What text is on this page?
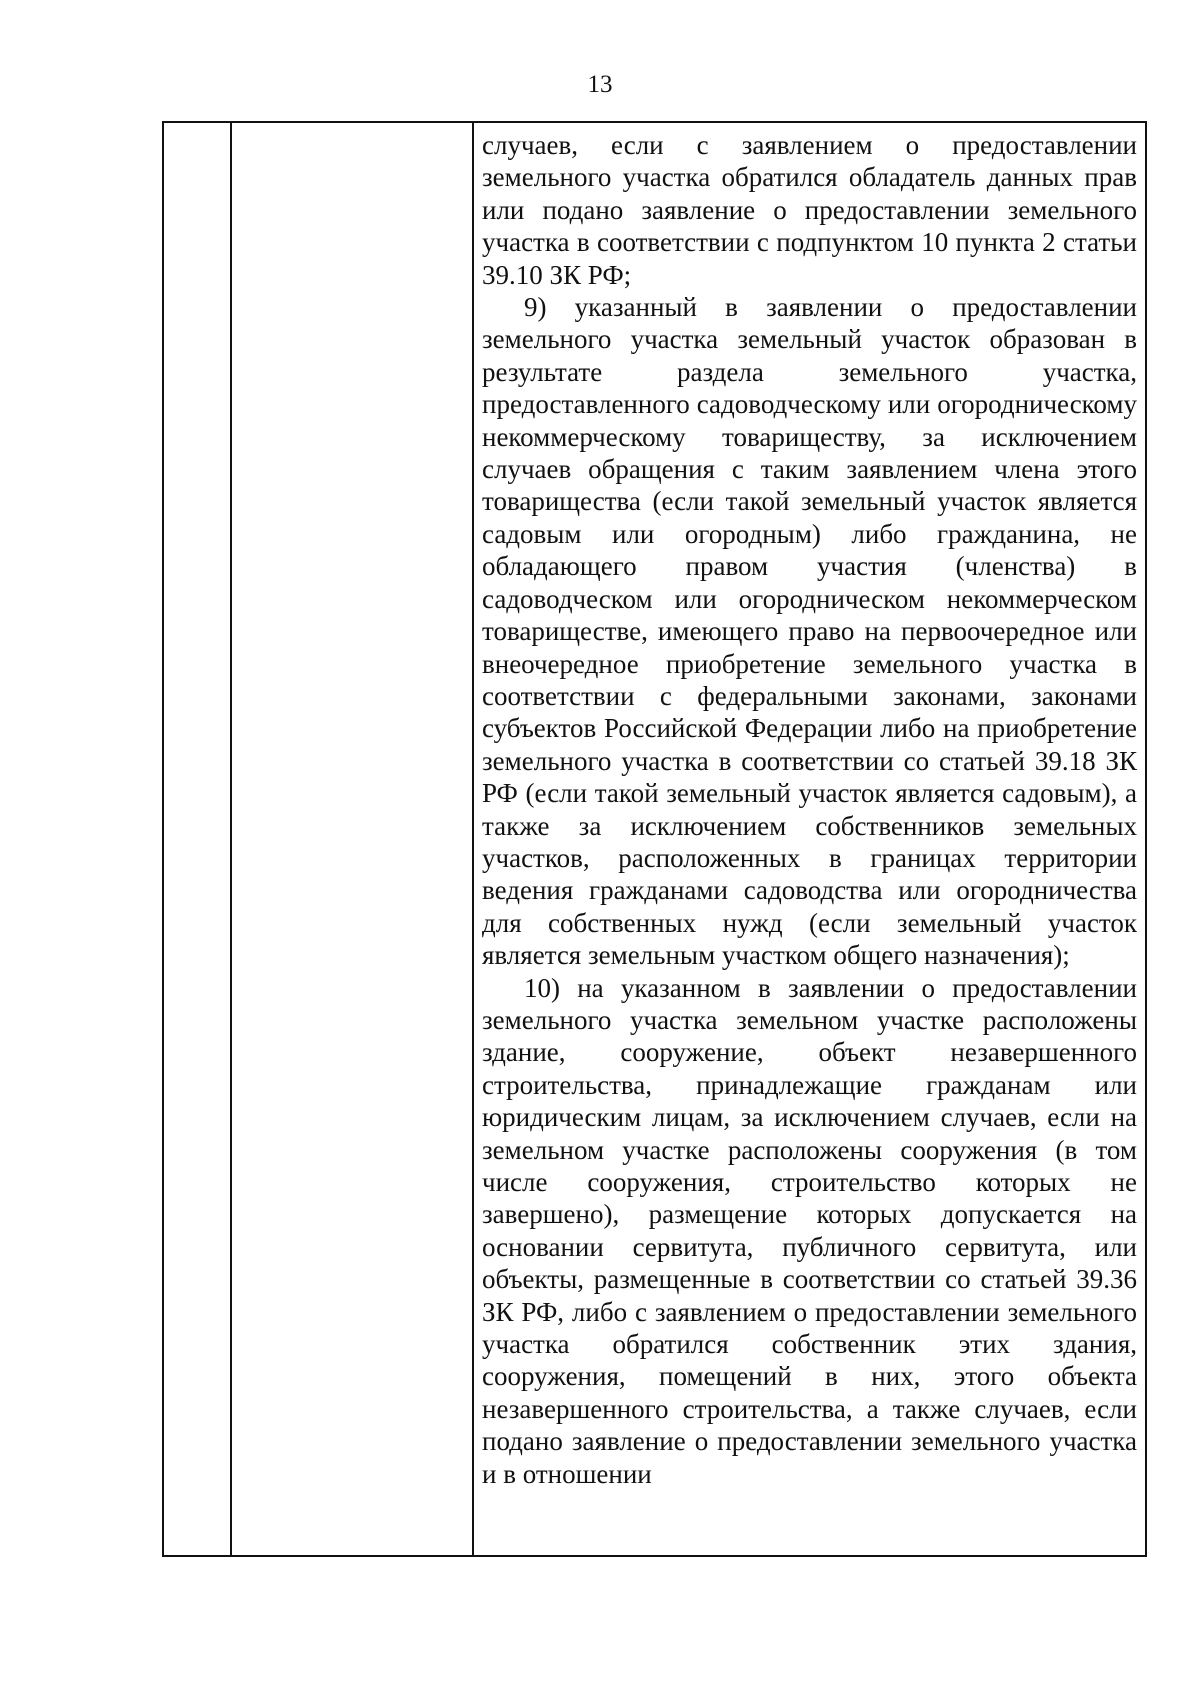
13

случаев, если с заявлением о предоставлении земельного участка обратился обладатель данных прав или подано заявление о предоставлении земельного участка в соответствии с подпунктом 10 пункта 2 статьи 39.10 ЗК РФ;

9) указанный в заявлении о предоставлении земельного участка земельный участок образован в результате раздела земельного участка, предоставленного садоводческому или огородническому некоммерческому товариществу, за исключением случаев обращения с таким заявлением члена этого товарищества (если такой земельный участок является садовым или огородным) либо гражданина, не обладающего правом участия (членства) в садоводческом или огородническом некоммерческом товариществе, имеющего право на первоочередное или внеочередное приобретение земельного участка в соответствии с федеральными законами, законами субъектов Российской Федерации либо на приобретение земельного участка в соответствии со статьей 39.18 ЗК РФ (если такой земельный участок является садовым), а также за исключением собственников земельных участков, расположенных в границах территории ведения гражданами садоводства или огородничества для собственных нужд (если земельный участок является земельным участком общего назначения);

10) на указанном в заявлении о предоставлении земельного участка земельном участке расположены здание, сооружение, объект незавершенного строительства, принадлежащие гражданам или юридическим лицам, за исключением случаев, если на земельном участке расположены сооружения (в том числе сооружения, строительство которых не завершено), размещение которых допускается на основании сервитута, публичного сервитута, или объекты, размещенные в соответствии со статьей 39.36 ЗК РФ, либо с заявлением о предоставлении земельного участка обратился собственник этих здания, сооружения, помещений в них, этого объекта незавершенного строительства, а также случаев, если подано заявление о предоставлении земельного участка и в отношении
